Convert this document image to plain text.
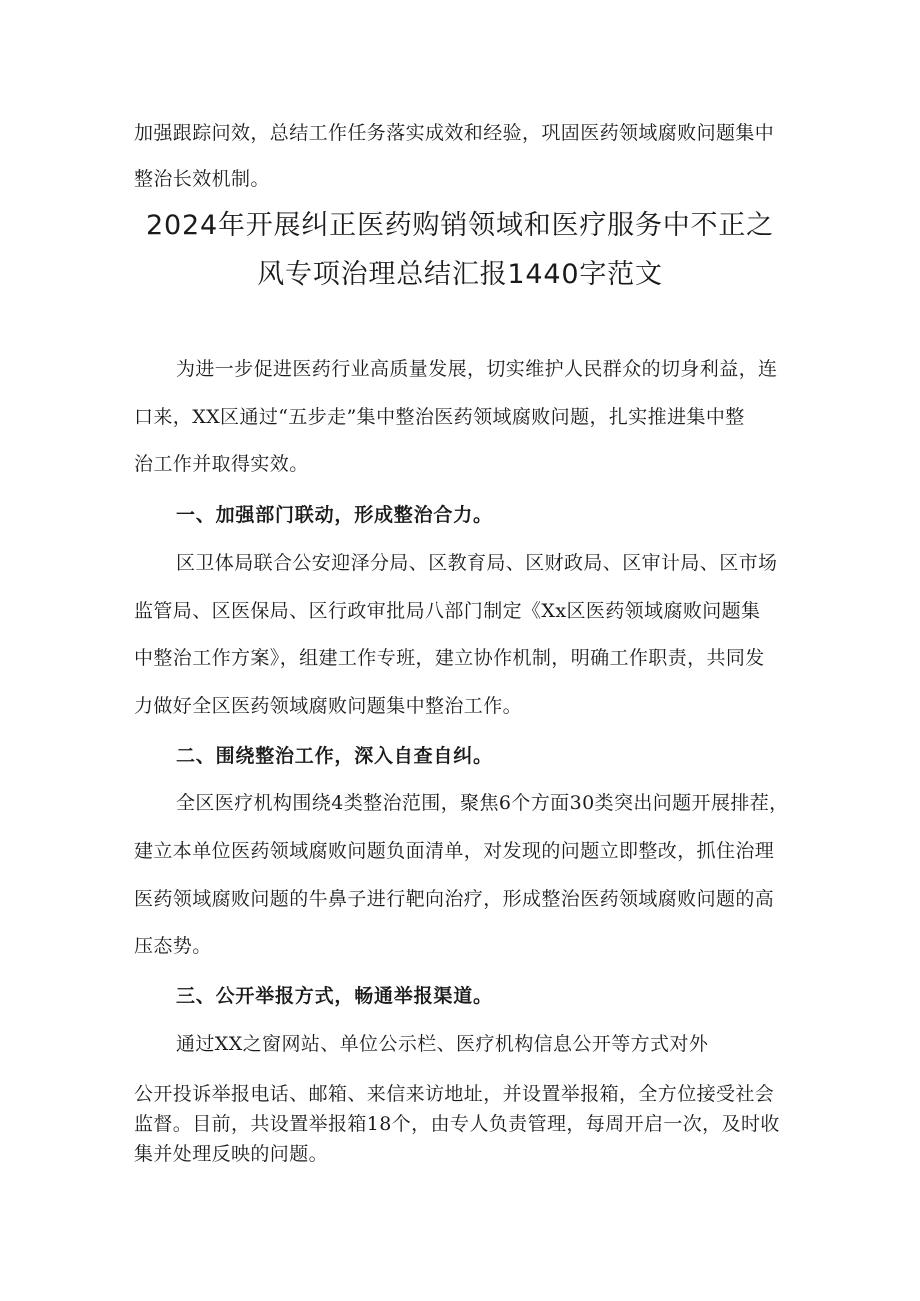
加强跟踪问效，总结工作任务落实成效和经验，巩固医药领域腐败问题集中
整治长效机制。
2024年开展纠正医药购销领域和医疗服务中不正之
风专项治理总结汇报1440字范文
为进一步促进医药行业高质量发展，切实维护人民群众的切身利益，连
口来，XX区通过“五步走”集中整治医药领域腐败问题，扎实推进集中整
治工作并取得实效。
一、加强部门联动，形成整治合力。
区卫体局联合公安迎泽分局、区教育局、区财政局、区审计局、区市场
监管局、区医保局、区行政审批局八部门制定《Xx区医药领域腐败问题集
中整治工作方案》，组建工作专班，建立协作机制，明确工作职责，共同发
力做好全区医药领域腐败问题集中整治工作。
二、围绕整治工作，深入自查自纠。
全区医疗机构围绕4类整治范围，聚焦6个方面30类突出问题开展排茬，
建立本单位医药领域腐败问题负面清单，对发现的问题立即整改，抓住治理
医药领域腐败问题的牛鼻子进行靶向治疗，形成整治医药领域腐败问题的高
压态势。
三、公开举报方式，畅通举报渠道。
通过XX之窗网站、单位公示栏、医疗机构信息公开等方式对外
公开投诉举报电话、邮箱、来信来访地址，并设置举报箱，全方位接受社会
监督。目前，共设置举报箱18个，由专人负责管理，每周开启一次，及时收
集并处理反映的问题。
